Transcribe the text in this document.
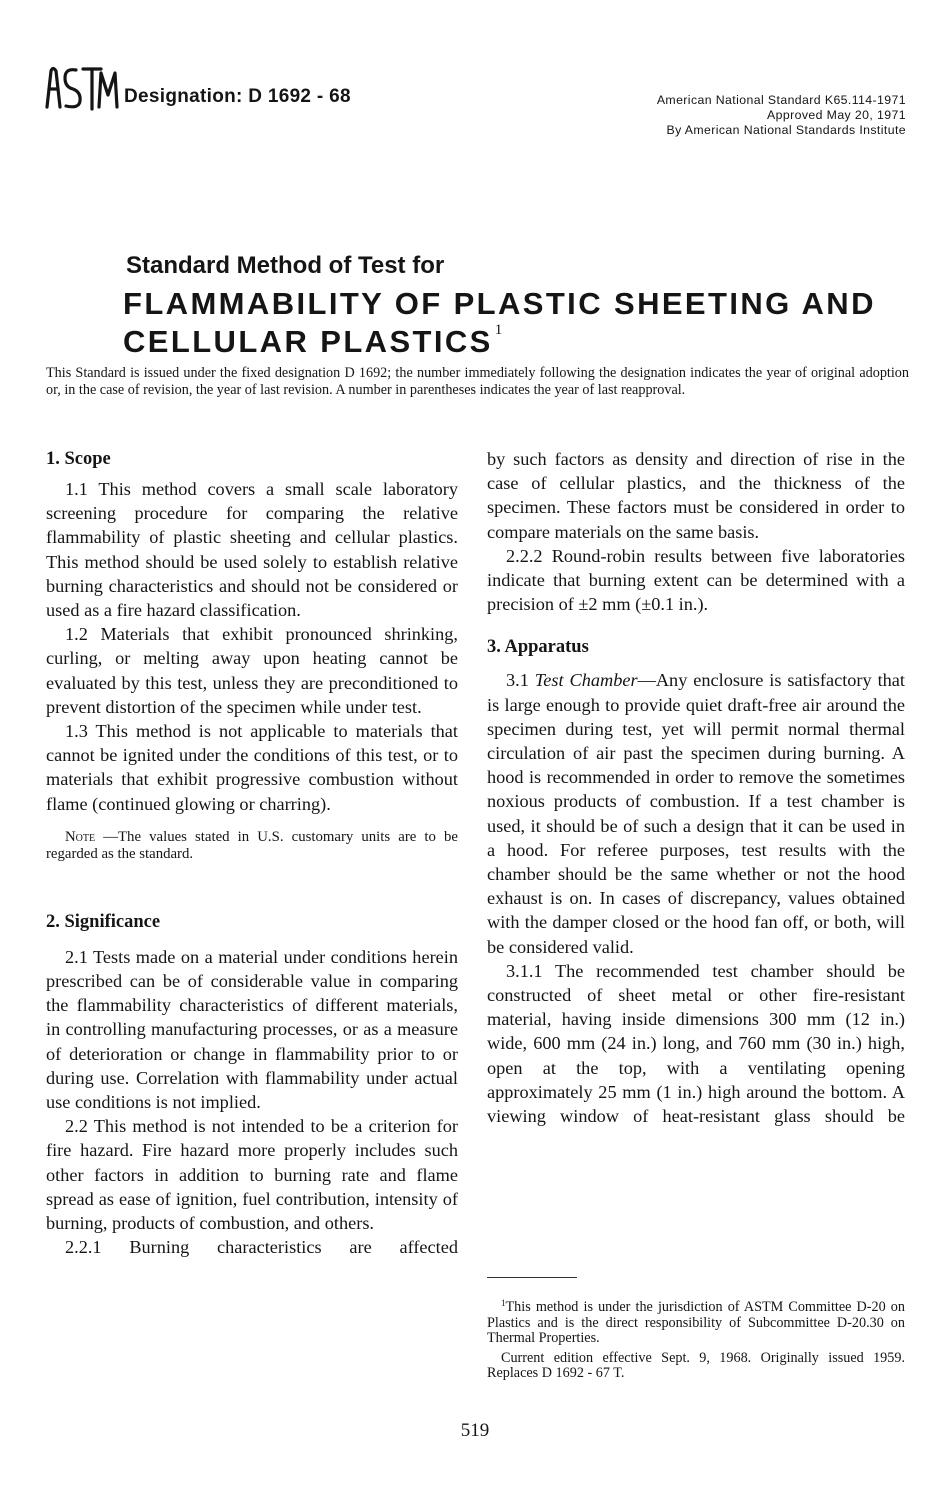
Designation: D 1692 - 68	American National Standard K65.114-1971
Approved May 20, 1971
By American National Standards Institute
Standard Method of Test for
FLAMMABILITY OF PLASTIC SHEETING AND
CELLULAR PLASTICS $^1$

This Standard is issued under the fixed designation D 1692; the number immediately following the designation indicates the year of original adoption or, in the case of revision, the year of last revision. A number in parentheses indicates the year of last reapproval.

1. Scope

1.1 This method covers a small scale laboratory screening procedure for comparing the relative flammability of plastic sheeting and cellular plastics. This method should be used solely to establish relative burning characteristics and should not be considered or used as a fire hazard classification.

1.2 Materials that exhibit pronounced shrinking, curling, or melting away upon heating cannot be evaluated by this test, unless they are preconditioned to prevent distortion of the specimen while under test.

1.3 This method is not applicable to materials that cannot be ignited under the conditions of this test, or to materials that exhibit progressive combustion without flame (continued glowing or charring).

Note —The values stated in U.S. customary units are to be regarded as the standard.

2. Significance

2.1 Tests made on a material under conditions herein prescribed can be of considerable value in comparing the flammability characteristics of different materials, in controlling manufacturing processes, or as a measure of deterioration or change in flammability prior to or during use. Correlation with flammability under actual use conditions is not implied.

2.2 This method is not intended to be a criterion for fire hazard. Fire hazard more properly includes such other factors in addition to burning rate and flame spread as ease of ignition, fuel contribution, intensity of burning, products of combustion, and others.

2.2.1 Burning characteristics are affected

by such factors as density and direction of rise in the case of cellular plastics, and the thickness of the specimen. These factors must be considered in order to compare materials on the same basis.

2.2.2 Round-robin results between five laboratories indicate that burning extent can be determined with a precision of ±2 mm (±0.1 in.).

3. Apparatus

3.1 Test Chamber—Any enclosure is satisfactory that is large enough to provide quiet draft-free air around the specimen during test, yet will permit normal thermal circulation of air past the specimen during burning. A hood is recommended in order to remove the sometimes noxious products of combustion. If a test chamber is used, it should be of such a design that it can be used in a hood. For referee purposes, test results with the chamber should be the same whether or not the hood exhaust is on. In cases of discrepancy, values obtained with the damper closed or the hood fan off, or both, will be considered valid.

3.1.1 The recommended test chamber should be constructed of sheet metal or other fire-resistant material, having inside dimensions 300 mm (12 in.) wide, 600 mm (24 in.) long, and 760 mm (30 in.) high, open at the top, with a ventilating opening approximately 25 mm (1 in.) high around the bottom. A viewing window of heat-resistant glass should be

$^1$This method is under the jurisdiction of ASTM Committee D-20 on Plastics and is the direct responsibility of Subcommittee D-20.30 on Thermal Properties.

Current edition effective Sept. 9, 1968. Originally issued 1959. Replaces D 1692 - 67 T.

519
